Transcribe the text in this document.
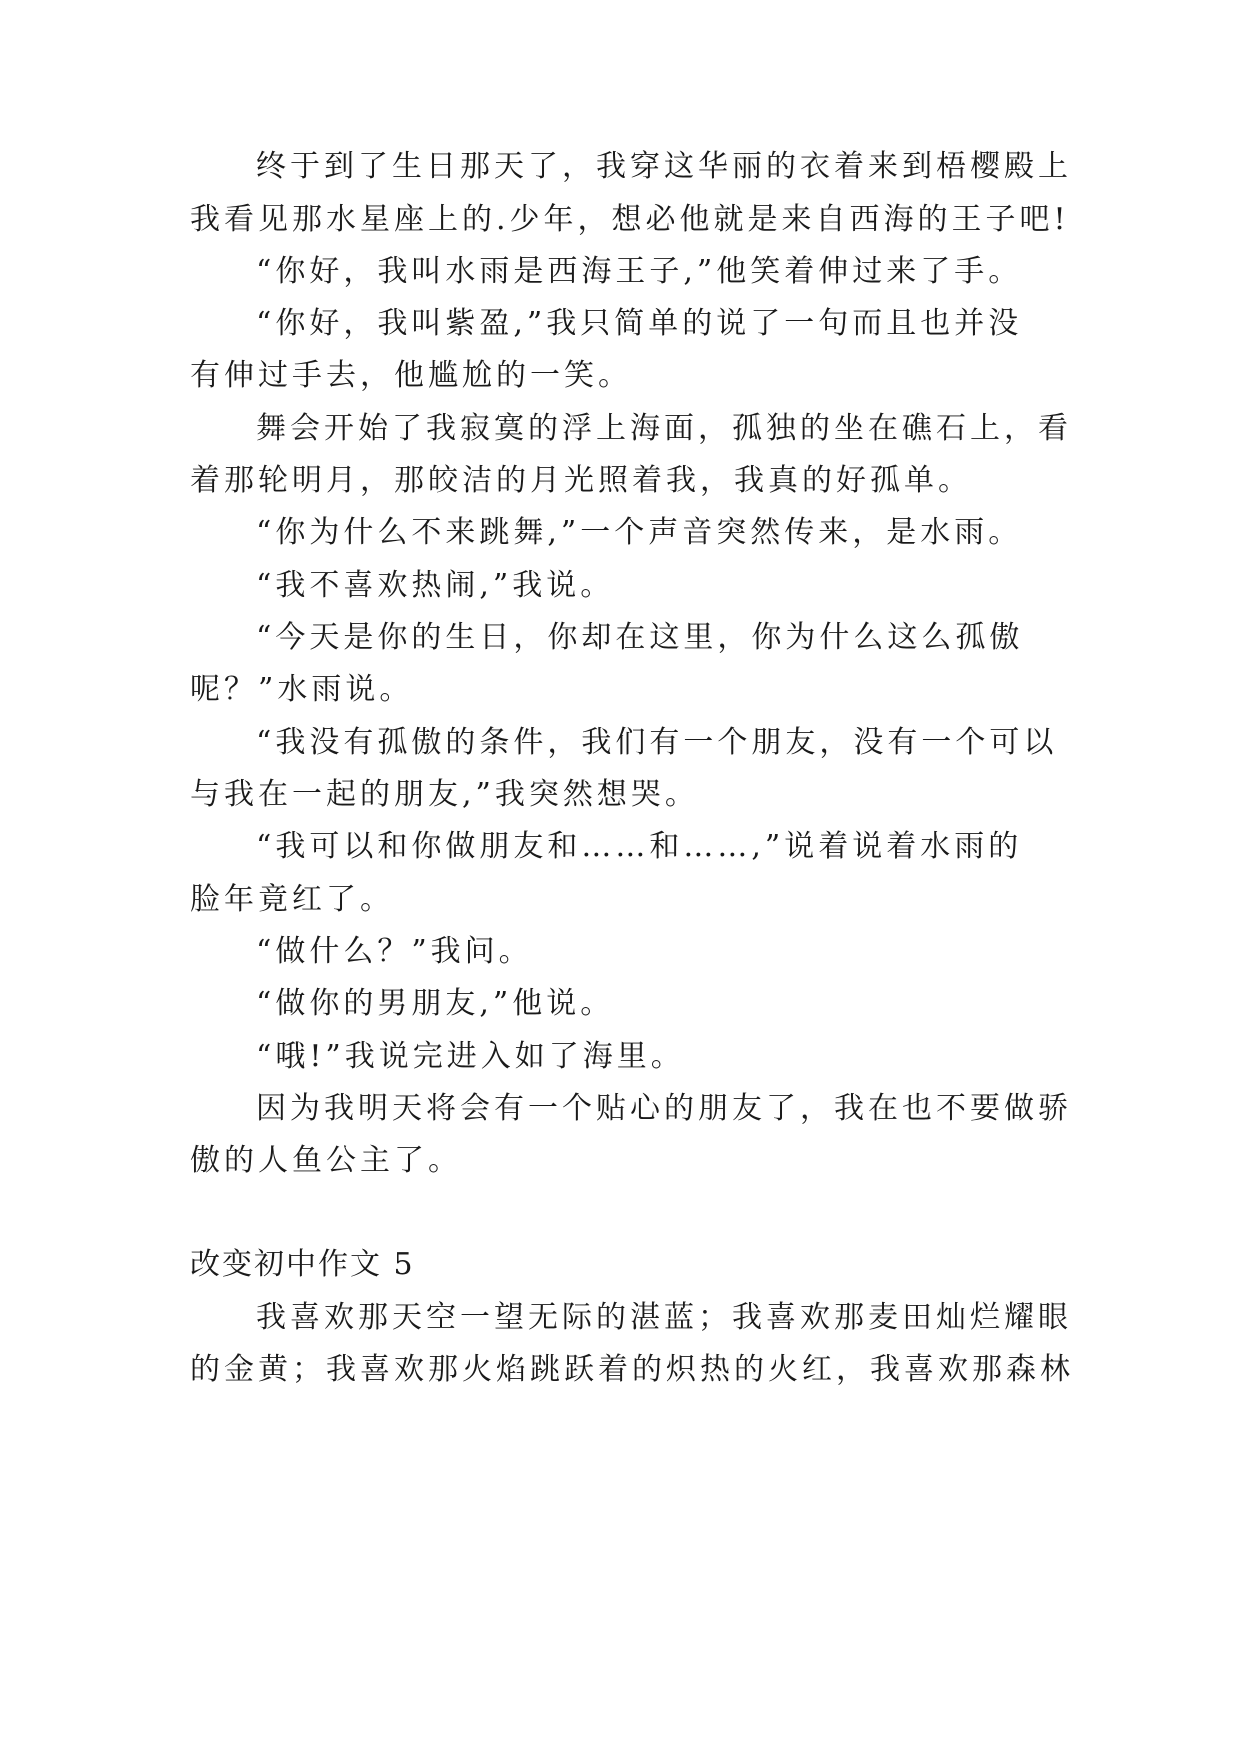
终于到了生日那天了，我穿这华丽的衣着来到梧樱殿上
我看见那水星座上的.少年，想必他就是来自西海的王子吧!
“你好，我叫水雨是西海王子,”他笑着伸过来了手。
“你好，我叫紫盈,”我只简单的说了一句而且也并没
有伸过手去，他尴尬的一笑。
舞会开始了我寂寞的浮上海面，孤独的坐在礁石上，看
着那轮明月，那皎洁的月光照着我，我真的好孤单。
“你为什么不来跳舞,”一个声音突然传来，是水雨。
“我不喜欢热闹,”我说。
“今天是你的生日，你却在这里，你为什么这么孤傲
呢？”水雨说。
“我没有孤傲的条件，我们有一个朋友，没有一个可以
与我在一起的朋友,”我突然想哭。
“我可以和你做朋友和……和……,”说着说着水雨的
脸年竟红了。
“做什么？”我问。
“做你的男朋友,”他说。
“哦!”我说完进入如了海里。
因为我明天将会有一个贴心的朋友了，我在也不要做骄
傲的人鱼公主了。
改变初中作文 5
我喜欢那天空一望无际的湛蓝；我喜欢那麦田灿烂耀眼
的金黄；我喜欢那火焰跳跃着的炽热的火红，我喜欢那森林
